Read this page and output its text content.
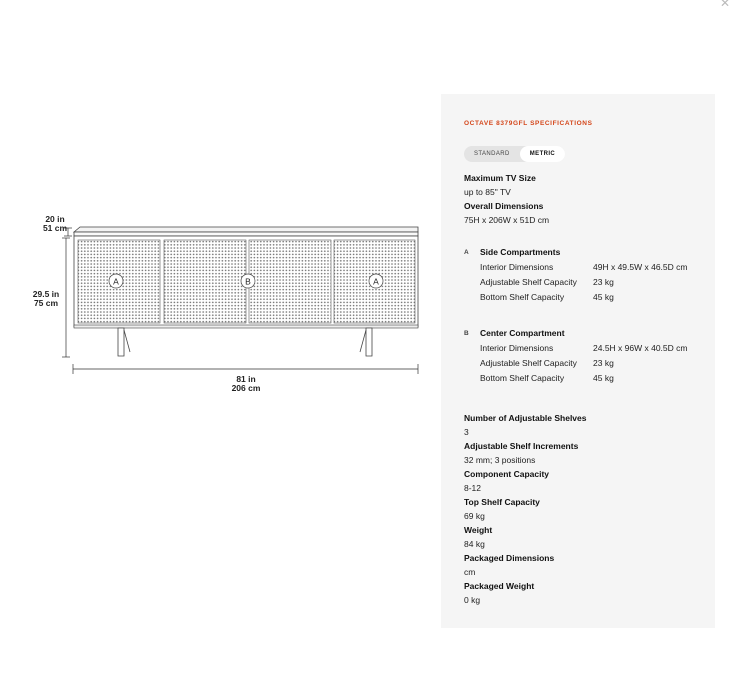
✕
A	B	A
20 in
51 cm
29.5 in
75 cm
81 in
206 cm
OCTAVE 8379GFL SPECIFICATIONS
STANDARD	METRIC
Maximum TV Size
up to 85" TV
Overall Dimensions
75H x 206W x 51D cm
A	Side Compartments
Interior Dimensions	49H x 49.5W x 46.5D cm
Adjustable Shelf Capacity	23 kg
Bottom Shelf Capacity	45 kg
B	Center Compartment
Interior Dimensions	24.5H x 96W x 40.5D cm
Adjustable Shelf Capacity	23 kg
Bottom Shelf Capacity	45 kg
Number of Adjustable Shelves
3
Adjustable Shelf Increments
32 mm; 3 positions
Component Capacity
8-12
Top Shelf Capacity
69 kg
Weight
84 kg
Packaged Dimensions
cm
Packaged Weight
0 kg
